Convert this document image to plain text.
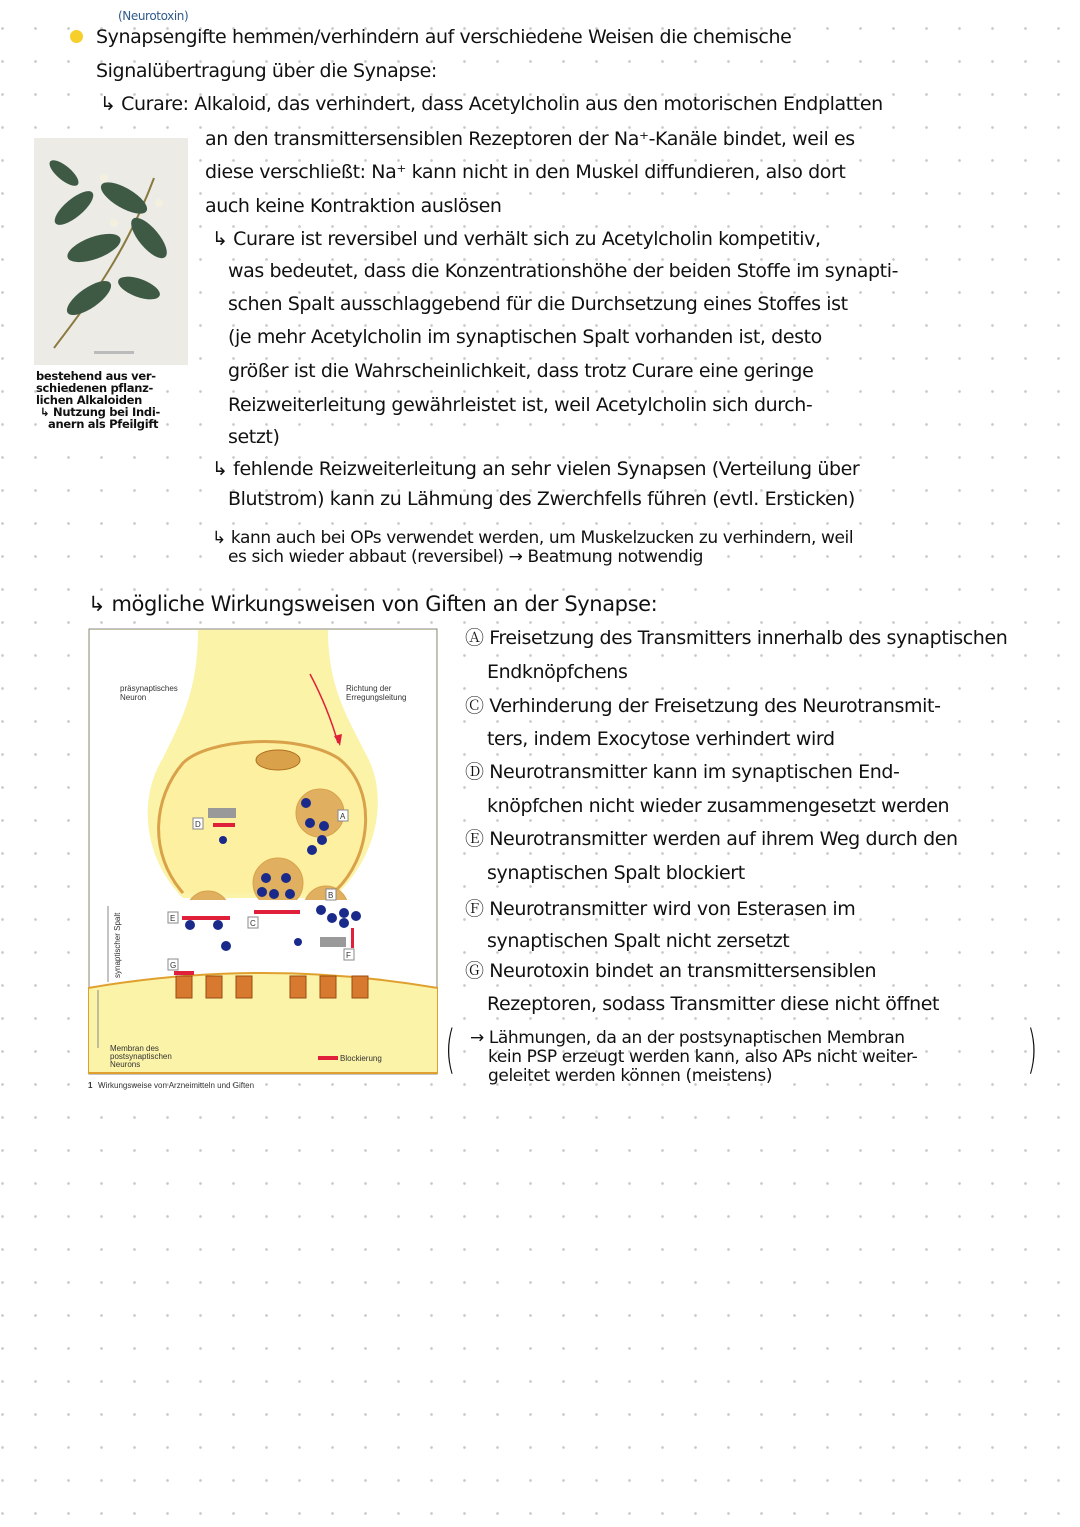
(Neurotoxin)
Synapsengifte hemmen/verhindern auf verschiedene Weisen die chemische
Signalübertragung über die Synapse:
↳ Curare: Alkaloid, das verhindert, dass Acetylcholin aus den motorischen Endplatten
an den transmittersensiblen Rezeptoren der Na⁺-Kanäle bindet, weil es
diese verschließt: Na⁺ kann nicht in den Muskel diffundieren, also dort
auch keine Kontraktion auslösen
bestehend aus ver-
schiedenen pflanz-
lichen Alkaloiden
↳ Nutzung bei Indi-
anern als Pfeilgift
↳ Curare ist reversibel und verhält sich zu Acetylcholin kompetitiv,
was bedeutet, dass die Konzentrationshöhe der beiden Stoffe im synapti-
schen Spalt ausschlaggebend für die Durchsetzung eines Stoffes ist
(je mehr Acetylcholin im synaptischen Spalt vorhanden ist, desto
größer ist die Wahrscheinlichkeit, dass trotz Curare eine geringe
Reizweiterleitung gewährleistet ist, weil Acetylcholin sich durch-
setzt)
↳ fehlende Reizweiterleitung an sehr vielen Synapsen (Verteilung über
Blutstrom) kann zu Lähmung des Zwerchfells führen (evtl. Ersticken)
↳ kann auch bei OPs verwendet werden, um Muskelzucken zu verhindern, weil
es sich wieder abbaut (reversibel) → Beatmung notwendig
↳ mögliche Wirkungsweisen von Giften an der Synapse:
präsynaptisches
Neuron
Richtung der
Erregungsleitung
synaptischer Spalt
Membran des
postsynaptischen
Neurons
Blockierung
1 Wirkungsweise von Arzneimitteln und Giften
A
B
C
D
E
F
G
Ⓐ Freisetzung des Transmitters innerhalb des synaptischen
Endknöpfchens
Ⓒ Verhinderung der Freisetzung des Neurotransmit-
ters, indem Exocytose verhindert wird
Ⓓ Neurotransmitter kann im synaptischen End-
knöpfchen nicht wieder zusammengesetzt werden
Ⓔ Neurotransmitter werden auf ihrem Weg durch den
synaptischen Spalt blockiert
Ⓕ Neurotransmitter wird von Esterasen im
synaptischen Spalt nicht zersetzt
Ⓖ Neurotoxin bindet an transmittersensiblen
Rezeptoren, sodass Transmitter diese nicht öffnet
( → Lähmungen, da an der postsynaptischen Membran
kein PSP erzeugt werden kann, also APs nicht weiter-
geleitet werden können (meistens)	)
